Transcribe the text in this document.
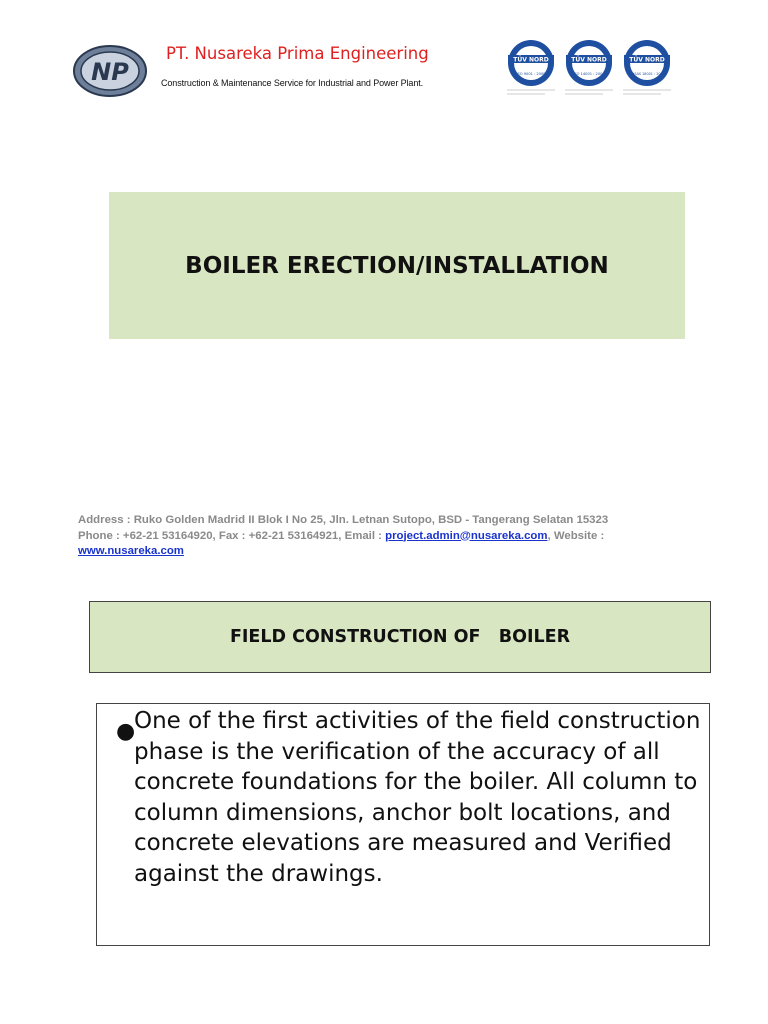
NP
PT. Nusareka Prima Engineering
Construction & Maintenance Service for Industrial and Power Plant.
TÜV NORD
ISO 9001 : 2008
TÜV NORD
ISO 14001 : 2004
TÜV NORD
OHSAS 18001 : 2007
BOILER ERECTION/INSTALLATION
Address : Ruko Golden Madrid II Blok I No 25, Jln. Letnan Sutopo, BSD - Tangerang Selatan 15323
Phone : +62-21 53164920, Fax : +62-21 53164921, Email : project.admin@nusareka.com, Website :
www.nusareka.com
FIELD CONSTRUCTION OF   BOILER
●
One of the first activities of the field construction phase is the verification of the accuracy of all concrete foundations for the boiler. All column to column dimensions, anchor bolt locations, and concrete elevations are measured and Verified against the drawings.
